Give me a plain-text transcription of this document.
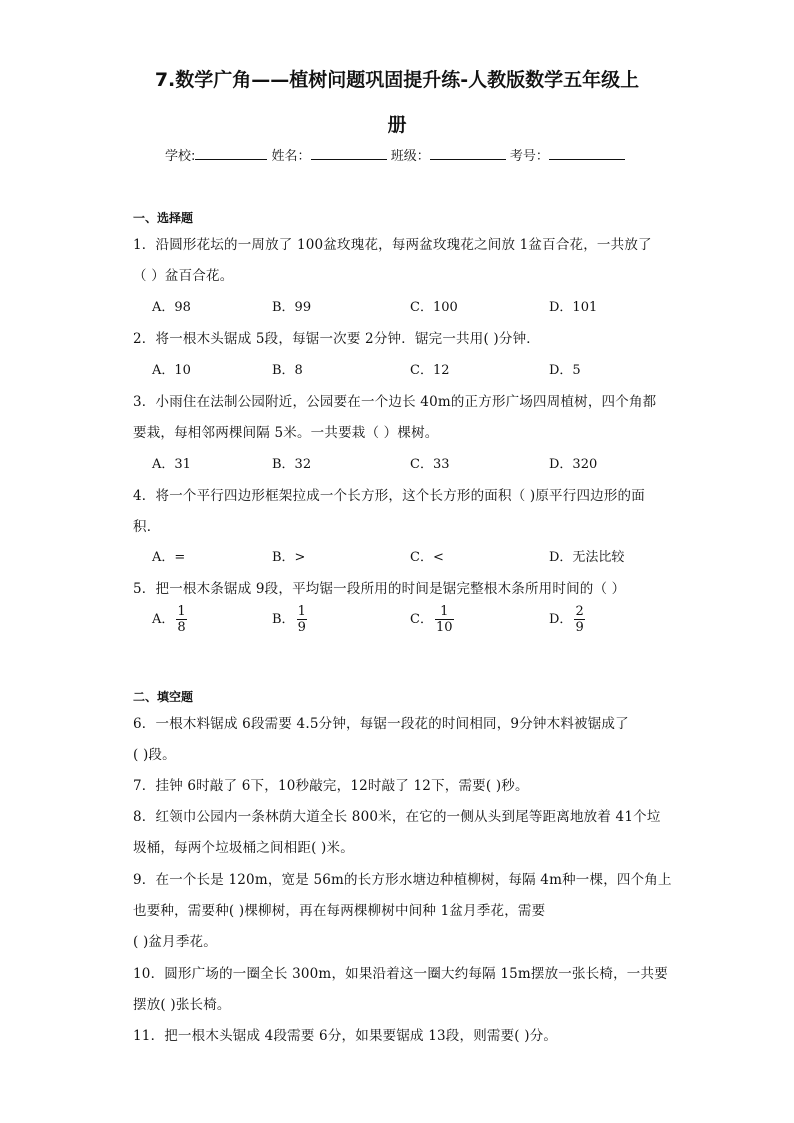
7.数学广角——植树问题巩固提升练-人教版数学五年级上
册
学校:	姓名：	班级：	考号：
一、选择题
1．沿圆形花坛的一周放了 100盆玫瑰花，每两盆玫瑰花之间放 1盆百合花，一共放了
（ ）盆百合花。
A．98	B．99	C．100	D．101
2．将一根木头锯成 5段，每锯一次要 2分钟．锯完一共用( )分钟．
A．10	B．8	C．12	D．5
3．小雨住在法制公园附近，公园要在一个边长 40m的正方形广场四周植树，四个角都
要栽，每相邻两棵间隔 5米。一共要栽（ ）棵树。
A．31	B．32	C．33	D．320
4．将一个平行四边形框架拉成一个长方形，这个长方形的面积（ )原平行四边形的面
积．
A．=	B．>	C．<	D．无法比较
5．把一根木条锯成 9段，平均锯一段所用的时间是锯完整根木条所用时间的（ ）
A． $\frac{1}{8}$	B． $\frac{1}{9}$	C． $\frac{1}{10}$	D． $\frac{2}{9}$
二、填空题
6．一根木料锯成 6段需要 4.5分钟，每锯一段花的时间相同，9分钟木料被锯成了
( )段。
7．挂钟 6时敲了 6下，10秒敲完，12时敲了 12下，需要( )秒。
8．红领巾公园内一条林荫大道全长 800米，在它的一侧从头到尾等距离地放着 41个垃
圾桶，每两个垃圾桶之间相距( )米。
9．在一个长是 120m，宽是 56m的长方形水塘边种植柳树，每隔 4m种一棵，四个角上
也要种，需要种( )棵柳树，再在每两棵柳树中间种 1盆月季花，需要
( )盆月季花。
10．圆形广场的一圈全长 300m，如果沿着这一圈大约每隔 15m摆放一张长椅，一共要
摆放( )张长椅。
11．把一根木头锯成 4段需要 6分，如果要锯成 13段，则需要( )分。
